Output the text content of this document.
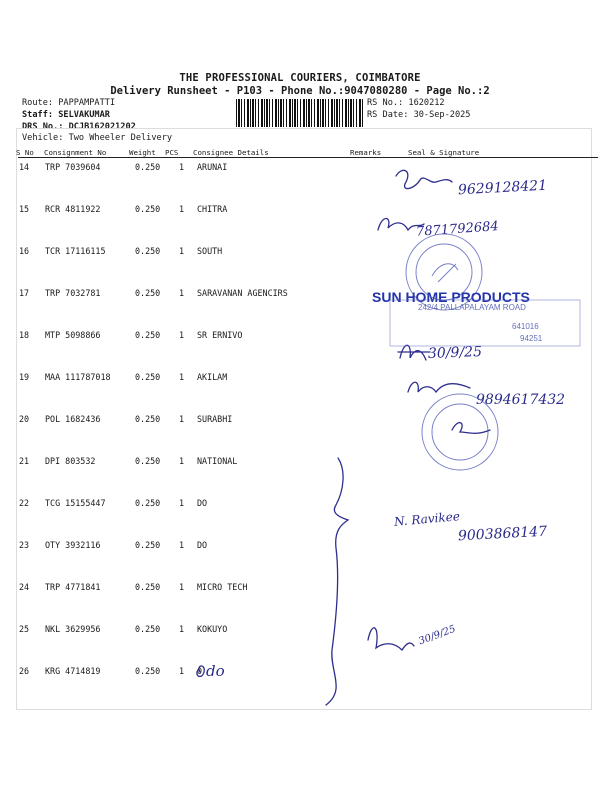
THE PROFESSIONAL COURIERS, COIMBATORE
Delivery Runsheet - P103 - Phone No.:9047080280 - Page No.:2
Route: PAPPAMPATTI
Staff: SELVAKUMAR
DRS No.: DCJB162021202
Vehicle: Two Wheeler Delivery
RS No.: 1620212
RS Date: 30-Sep-2025
S No Consignment No	Weight PCS Consignee Details	Remarks	Seal & Signature
14 TRP 7039604	0.250 1 ARUNAI
15 RCR 4811922	0.250 1 CHITRA
16 TCR 17116115	0.250 1 SOUTH
17 TRP 7032781	0.250 1 SARAVANAN AGENCIRS
18 MTP 5098866	0.250 1 SR ERNIVO
19 MAA 111787018	0.250 1 AKILAM
20 POL 1682436	0.250 1 SURABHI
21 DPI 803532	0.250 1 NATIONAL
22 TCG 15155447	0.250 1 DO
23 OTY 3932116	0.250 1 DO
24 TRP 4771841	0.250 1 MICRO TECH
25 NKL 3629956	0.250 1 KOKUYO
26 KRG 4714819	0.250 1 0
9629128421
7871792684
30/9/25
9894617432
N. Ravikee
9003868147
do
30/9/25
SUN HOME PRODUCTS
242/4 PALLAPALAYAM ROAD
641016
94251
